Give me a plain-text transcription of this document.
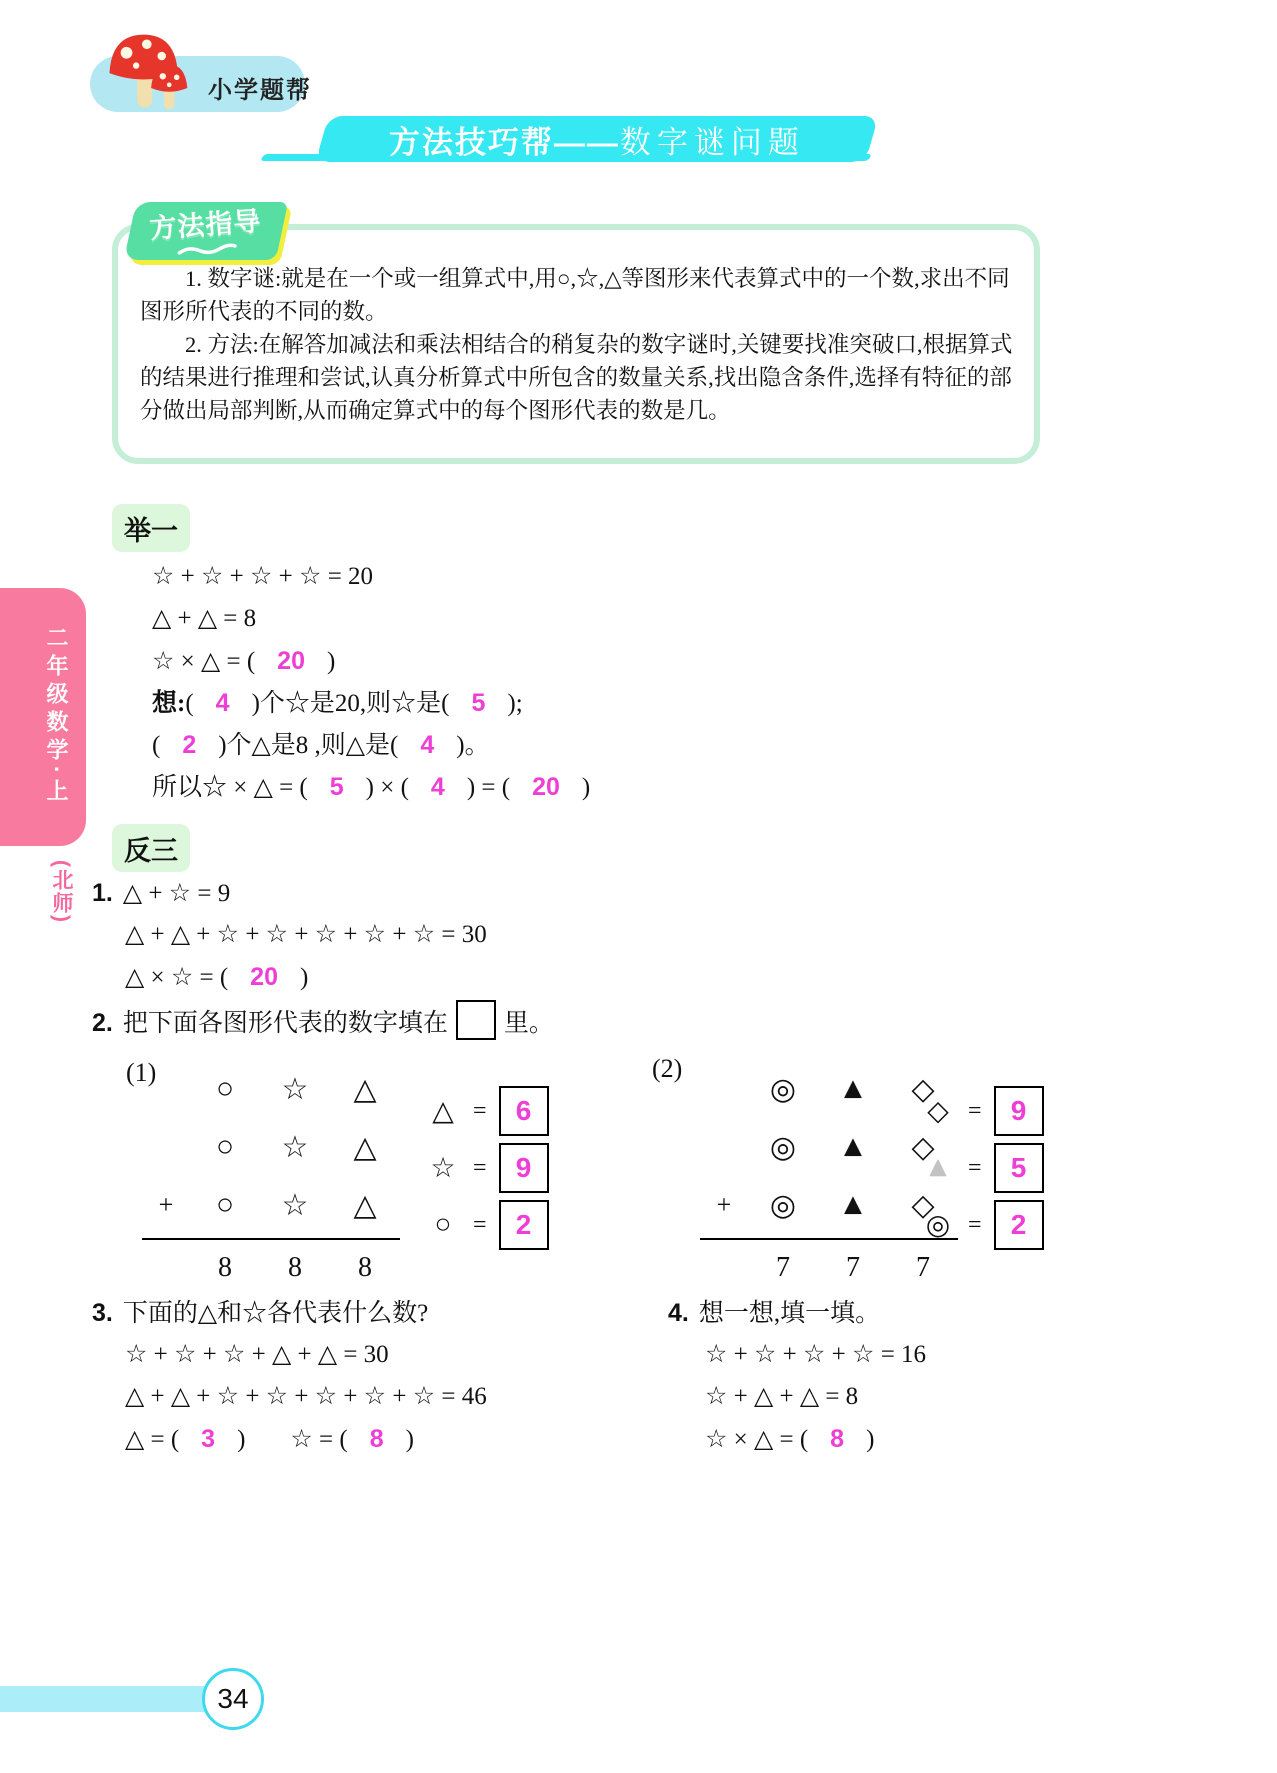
小学题帮
方法技巧帮——数字谜问题

1. 数字谜:就是在一个或一组算式中,用○,☆,△等图形来代表算式中的一个数,求出不同图形所代表的不同的数。

2. 方法:在解答加减法和乘法相结合的稍复杂的数字谜时,关键要找准突破口,根据算式的结果进行推理和尝试,认真分析算式中所包含的数量关系,找出隐含条件,选择有特征的部分做出局部判断,从而确定算式中的每个图形代表的数是几。

方法指导
举一
☆ + ☆ + ☆ + ☆ = 20
△ + △ = 8
☆ × △ = ( 20 )
想:( 4 )个☆是20,则☆是( 5 );
( 2 )个△是8 ,则△是( 4 )。
所以☆ × △ = ( 5 ) × ( 4 ) = ( 20 )
反三
1. △ + ☆ = 9
△ + △ + ☆ + ☆ + ☆ + ☆ + ☆ = 30
△ × ☆ = ( 20 )
2. 把下面各图形代表的数字填在 里。
(1)	○	☆	△
○	☆	△
+	○	☆	△
8	8	8
△ =	6
☆ =	9
○ =	2
(2)
◎	▲	◇
◎	▲	◇
+	◎	▲	◇
7	7	7
◇ =	9
▲ =	5
◎ =	2
3. 下面的△和☆各代表什么数?
☆ + ☆ + ☆ + △ + △ = 30
△ + △ + ☆ + ☆ + ☆ + ☆ + ☆ = 46
△ = ( 3 ) ☆ = ( 8 )
4. 想一想,填一填。
☆ + ☆ + ☆ + ☆ = 16
☆ + △ + △ = 8
☆ × △ = ( 8 )
二年级数学·上
(北师)
34
